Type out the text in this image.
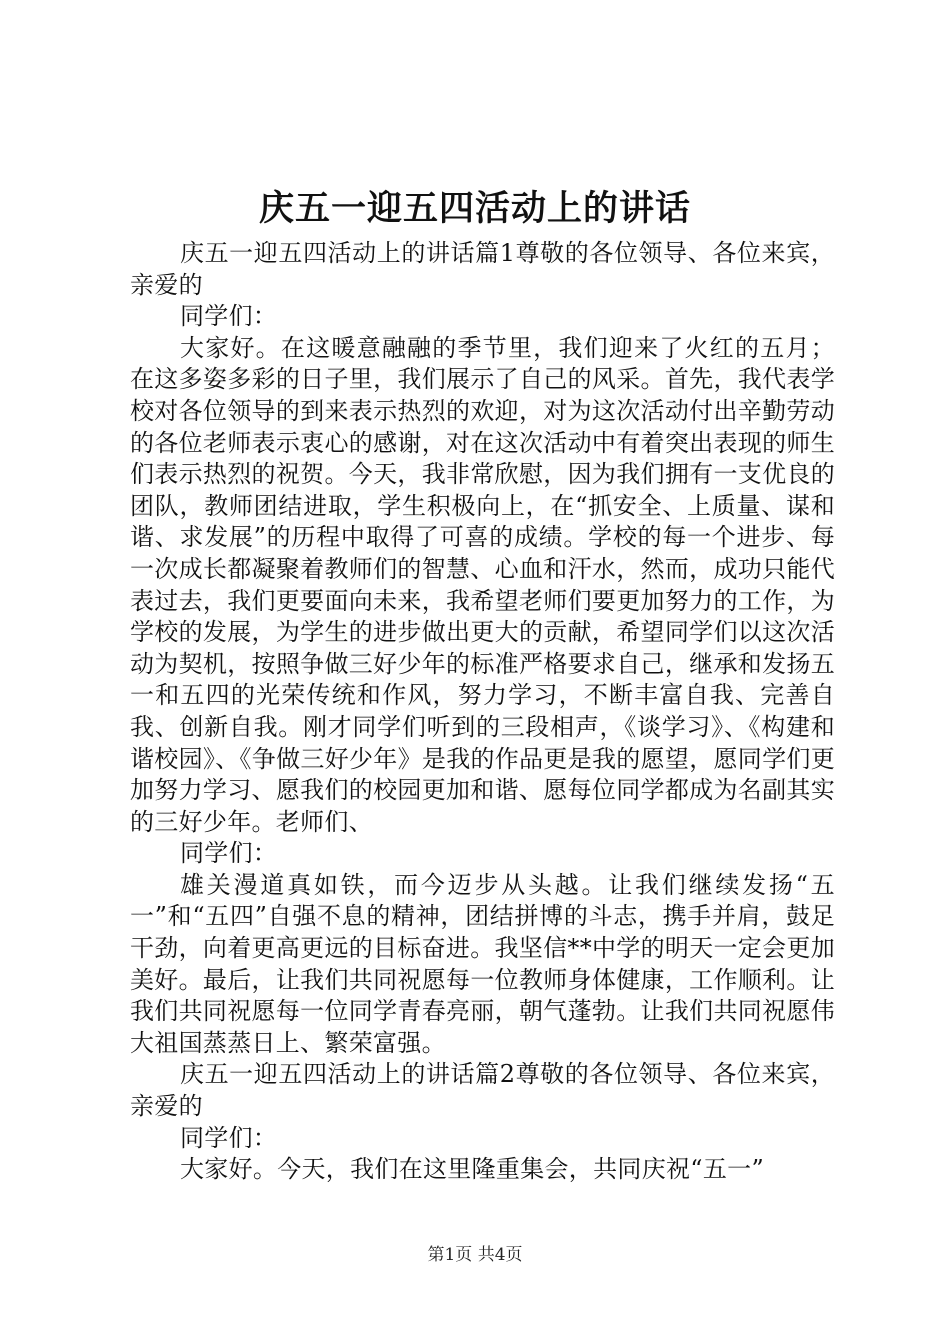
庆五一迎五四活动上的讲话

庆五一迎五四活动上的讲话篇1尊敬的各位领导、各位来宾，亲爱的

同学们：

大家好。在这暖意融融的季节里，我们迎来了火红的五月；在这多姿多彩的日子里，我们展示了自己的风采。首先，我代表学校对各位领导的到来表示热烈的欢迎，对为这次活动付出辛勤劳动的各位老师表示衷心的感谢，对在这次活动中有着突出表现的师生们表示热烈的祝贺。今天，我非常欣慰，因为我们拥有一支优良的团队，教师团结进取，学生积极向上，在“抓安全、上质量、谋和谐、求发展”的历程中取得了可喜的成绩。学校的每一个进步、每一次成长都凝聚着教师们的智慧、心血和汗水，然而，成功只能代表过去，我们更要面向未来，我希望老师们要更加努力的工作，为学校的发展，为学生的进步做出更大的贡献，希望同学们以这次活动为契机，按照争做三好少年的标准严格要求自己，继承和发扬五一和五四的光荣传统和作风，努力学习，不断丰富自我、完善自我、创新自我。刚才同学们听到的三段相声，《谈学习》、《构建和谐校园》、《争做三好少年》是我的作品更是我的愿望，愿同学们更加努力学习、愿我们的校园更加和谐、愿每位同学都成为名副其实的三好少年。老师们、

同学们：

雄关漫道真如铁，而今迈步从头越。让我们继续发扬“五一”和“五四”自强不息的精神，团结拼博的斗志，携手并肩，鼓足干劲，向着更高更远的目标奋进。我坚信**中学的明天一定会更加美好。最后，让我们共同祝愿每一位教师身体健康，工作顺利。让我们共同祝愿每一位同学青春亮丽，朝气蓬勃。让我们共同祝愿伟大祖国蒸蒸日上、繁荣富强。

庆五一迎五四活动上的讲话篇2尊敬的各位领导、各位来宾，亲爱的

同学们：

大家好。今天，我们在这里隆重集会，共同庆祝“五一”

第1页 共4页
